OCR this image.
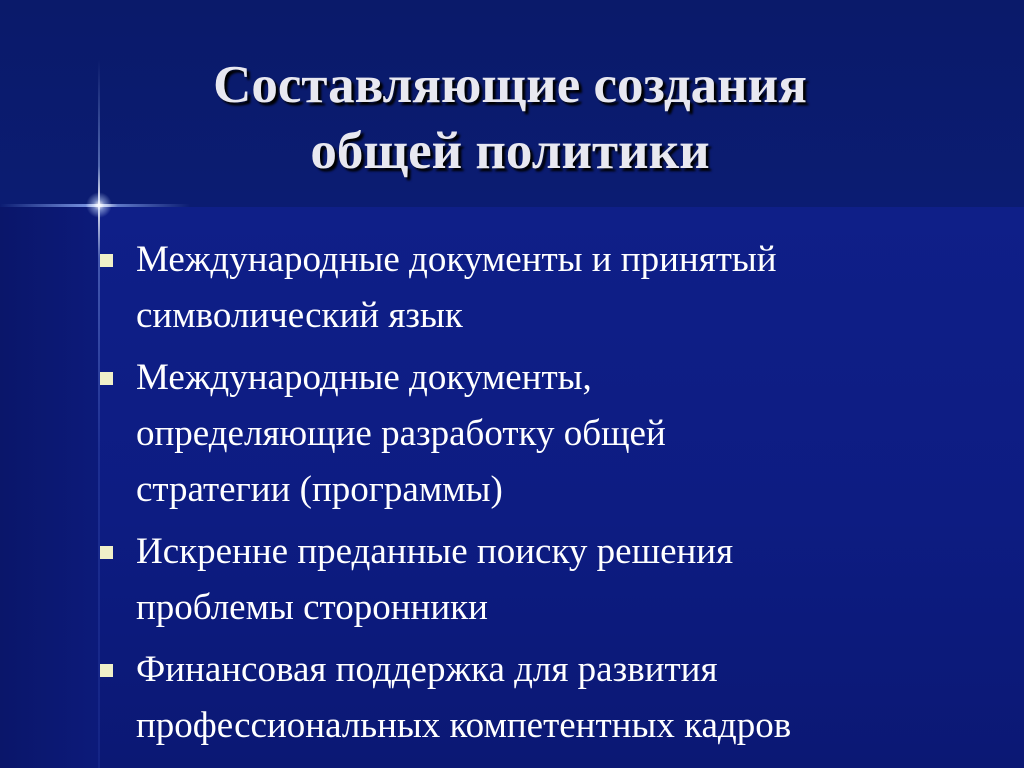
Составляющие создания
общей политики
Международные документы и принятый
символический язык
Международные документы,
определяющие разработку общей
стратегии (программы)
Искренне преданные поиску решения
проблемы сторонники
Финансовая поддержка для развития
профессиональных компетентных кадров
